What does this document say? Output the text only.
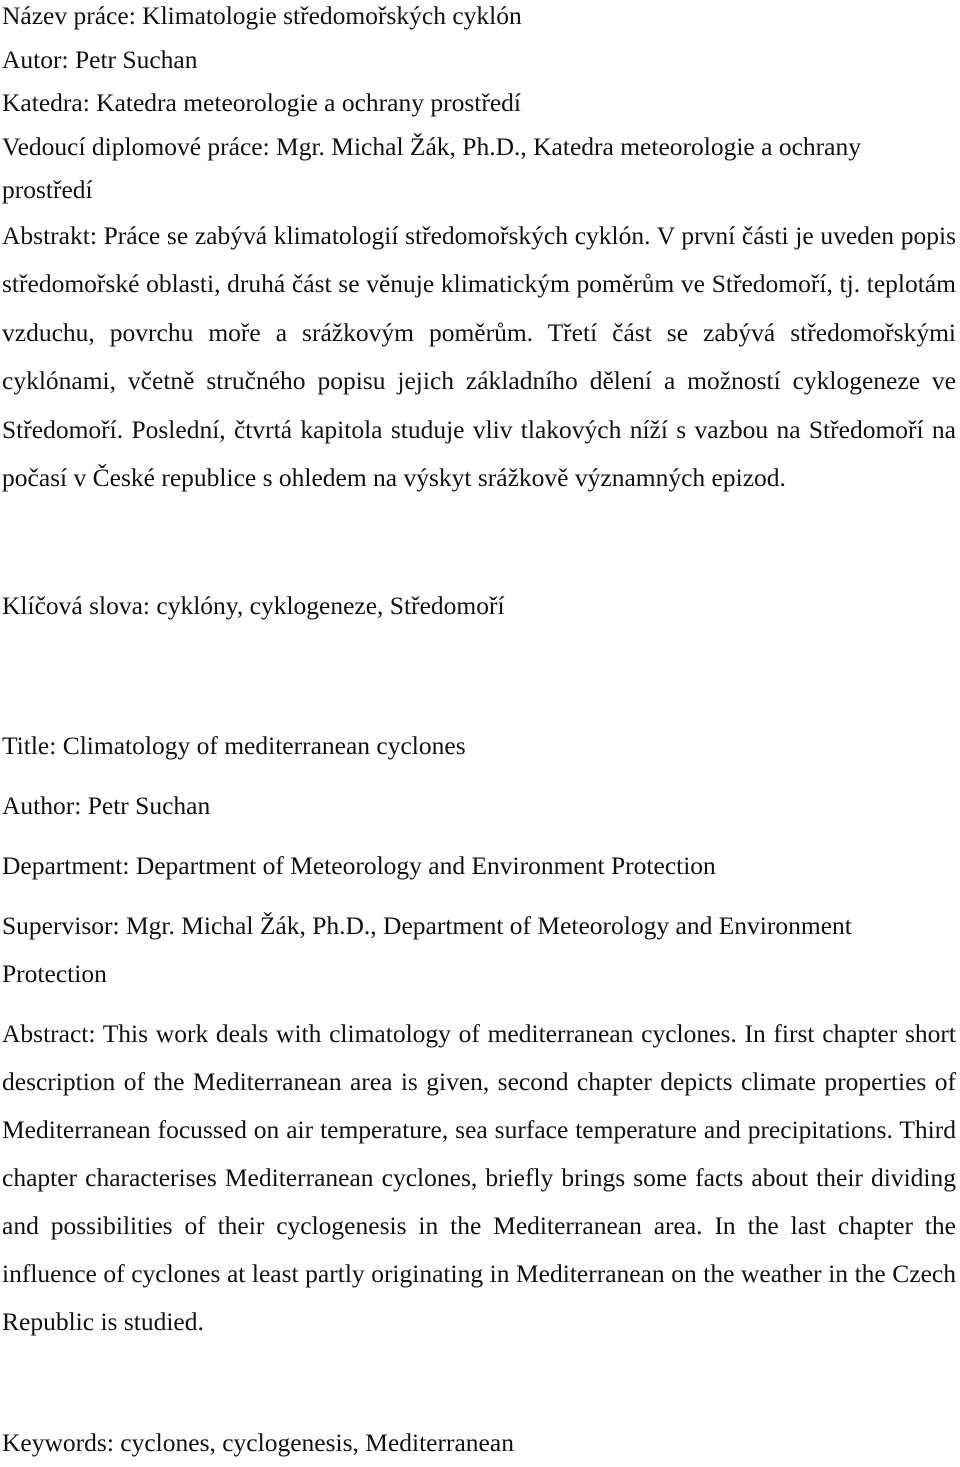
Název práce: Klimatologie středomořských cyklón

Autor: Petr Suchan

Katedra: Katedra meteorologie a ochrany prostředí

Vedoucí diplomové práce: Mgr. Michal Žák, Ph.D., Katedra meteorologie a ochrany prostředí

Abstrakt: Práce se zabývá klimatologií středomořských cyklón. V první části je uveden popis středomořské oblasti, druhá část se věnuje klimatickým poměrům ve Středomoří, tj. teplotám vzduchu, povrchu moře a srážkovým poměrům. Třetí část se zabývá středomořskými cyklónami, včetně stručného popisu jejich základního dělení a možností cyklogeneze ve Středomoří. Poslední, čtvrtá kapitola studuje vliv tlakových níží s vazbou na Středomoří na počasí v České republice s ohledem na výskyt srážkově významných epizod.

Klíčová slova: cyklóny, cyklogeneze, Středomoří

Title: Climatology of mediterranean cyclones

Author: Petr Suchan

Department: Department of Meteorology and Environment Protection

Supervisor: Mgr. Michal Žák, Ph.D., Department of Meteorology and Environment Protection

Abstract: This work deals with climatology of mediterranean cyclones. In first chapter short description of the Mediterranean area is given, second chapter depicts climate properties of Mediterranean focussed on air temperature, sea surface temperature and precipitations. Third chapter characterises Mediterranean cyclones, briefly brings some facts about their dividing and possibilities of their cyclogenesis in the Mediterranean area. In the last chapter the influence of cyclones at least partly originating in Mediterranean on the weather in the Czech Republic is studied.

Keywords: cyclones, cyclogenesis, Mediterranean
